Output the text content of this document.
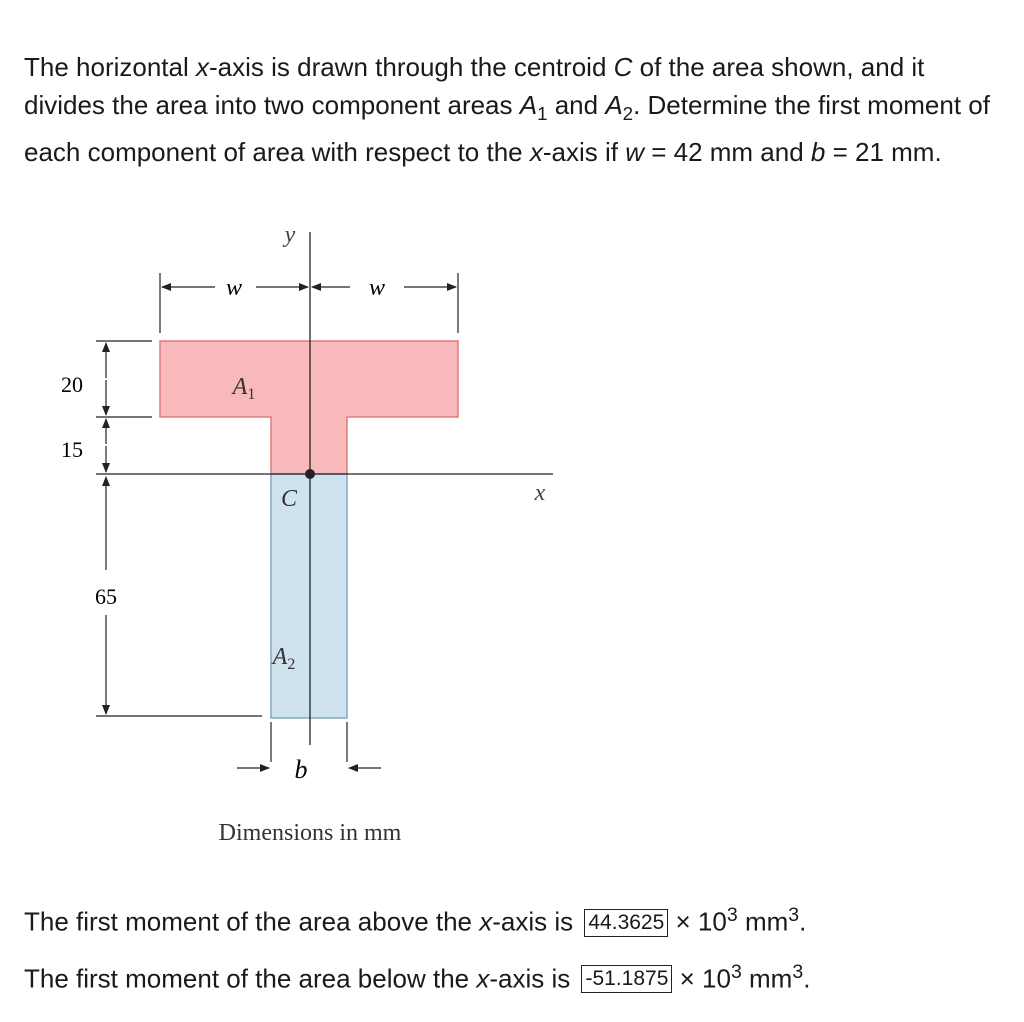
The horizontal x-axis is drawn through the centroid C of the area shown, and it divides the area into two component areas $A_1$ and $A_2$. Determine the first moment of each component of area with respect to the x-axis if w = 42 mm and b = 21 mm.

w	w
y
x
20
15
65
$A_1$
$A_2$
C
b
Dimensions in mm
The first moment of the area above the x-axis is $44.3625 \times 10^3$ $mm^3$.
The first moment of the area below the x-axis is $-51.1875 \times 10^3$ $mm^3$.
